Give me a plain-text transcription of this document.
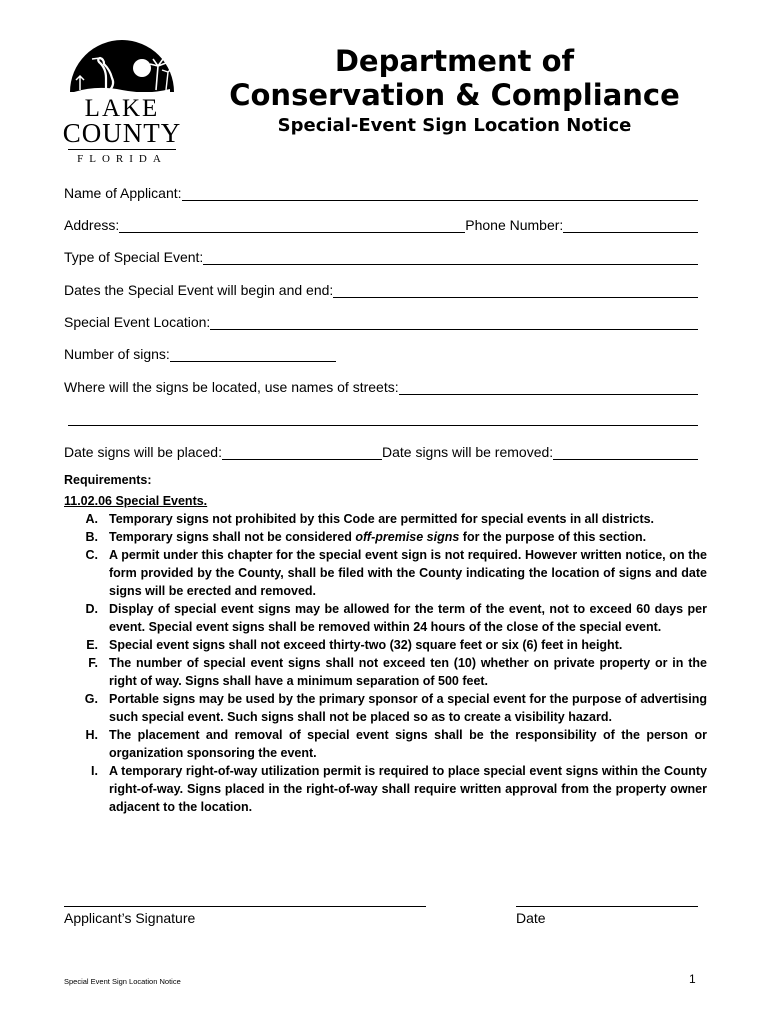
LAKE
COUNTY
FLORIDA
Department of
Conservation & Compliance
Special-Event Sign Location Notice
Name of Applicant:
Address:	Phone Number:
Type of Special Event:
Dates the Special Event will begin and end:
Special Event Location:
Number of signs:
Where will the signs be located, use names of streets:
Date signs will be placed:	Date signs will be removed:
Requirements:
11.02.06 Special Events.
A. Temporary signs not prohibited by this Code are permitted for special events in all districts.
B. Temporary signs shall not be considered off-premise signs for the purpose of this section.
C. A permit under this chapter for the special event sign is not required. However written notice, on the form provided by the County, shall be filed with the County indicating the location of signs and date signs will be erected and removed.
D. Display of special event signs may be allowed for the term of the event, not to exceed 60 days per event. Special event signs shall be removed within 24 hours of the close of the special event.
E. Special event signs shall not exceed thirty-two (32) square feet or six (6) feet in height.
F. The number of special event signs shall not exceed ten (10) whether on private property or in the right of way. Signs shall have a minimum separation of 500 feet.
G. Portable signs may be used by the primary sponsor of a special event for the purpose of advertising such special event. Such signs shall not be placed so as to create a visibility hazard.
H. The placement and removal of special event signs shall be the responsibility of the person or organization sponsoring the event.
I. A temporary right-of-way utilization permit is required to place special event signs within the County right-of-way. Signs placed in the right-of-way shall require written approval from the property owner adjacent to the location.
Applicant’s Signature	Date
Special Event Sign Location Notice	1
